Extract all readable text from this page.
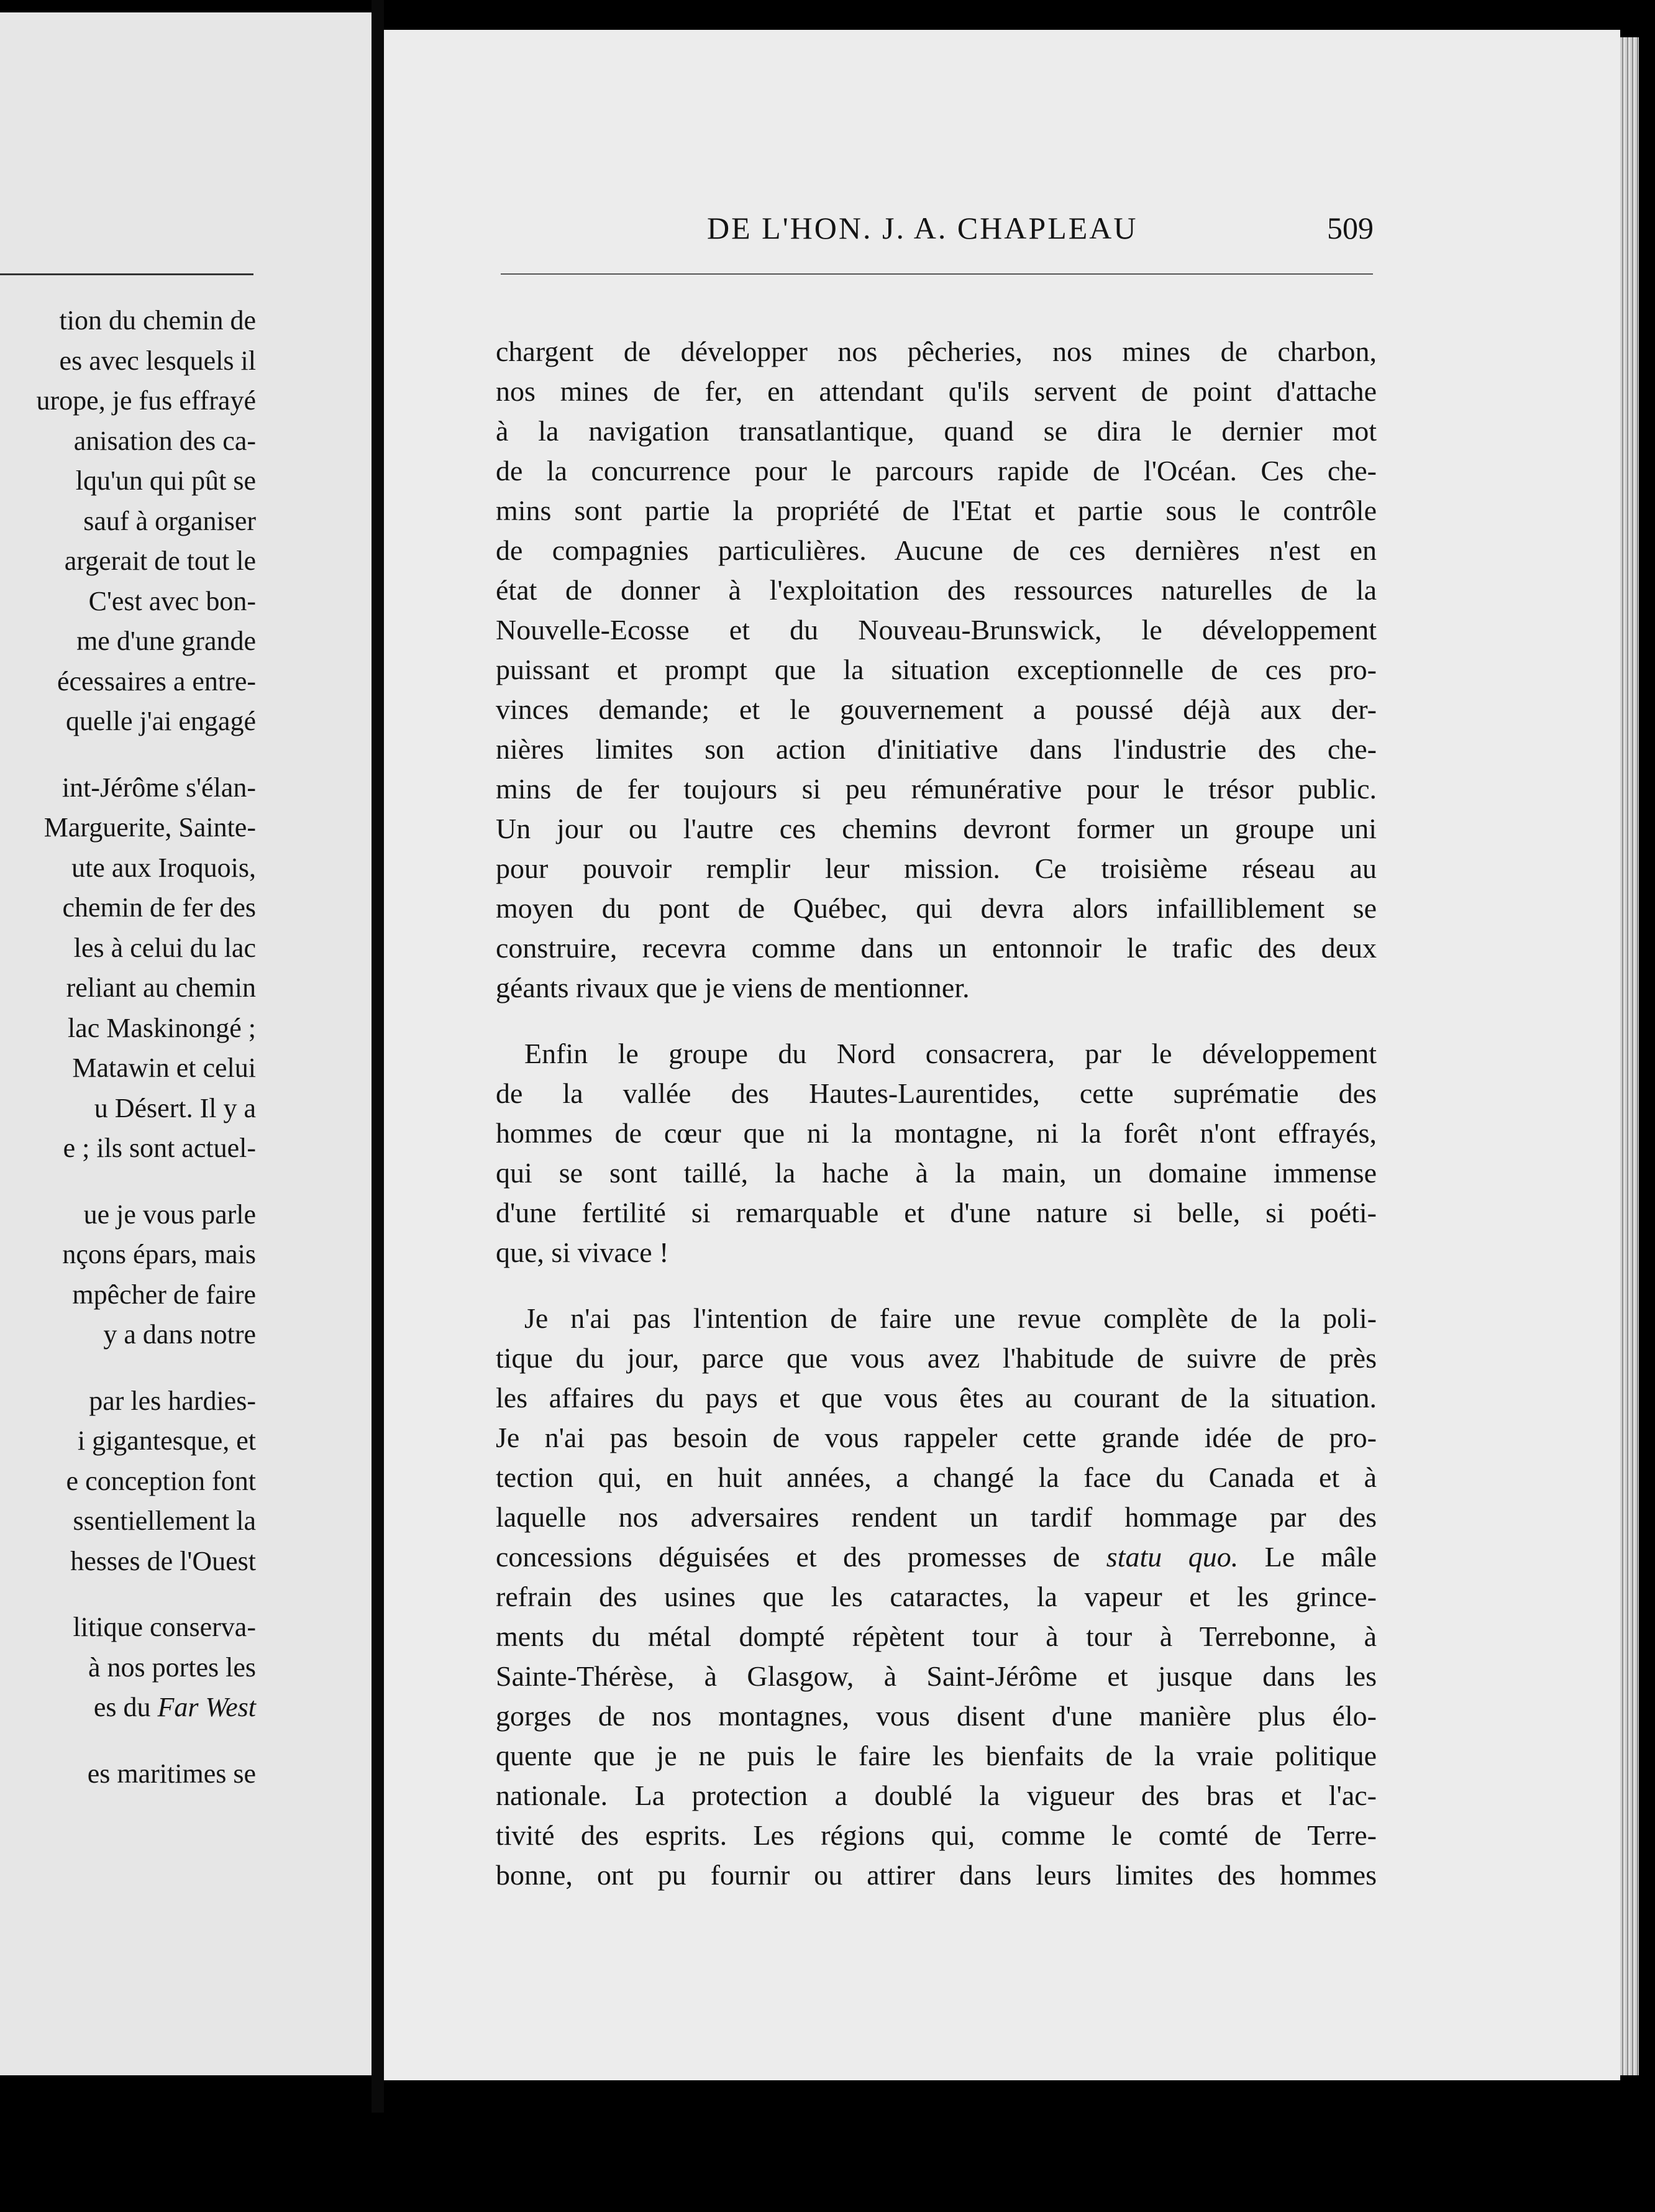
tion du chemin de
es avec lesquels il
urope, je fus effrayé
anisation des ca-
lqu'un qui pût se
sauf à organiser
argerait de tout le
C'est avec bon-
me d'une grande
écessaires a entre-
quelle j'ai engagé
int-Jérôme s'élan-
Marguerite, Sainte-
ute aux Iroquois,
chemin de fer des
les à celui du lac
reliant au chemin
lac Maskinongé ;
Matawin et celui
u Désert. Il y a
e ; ils sont actuel-
ue je vous parle
nçons épars, mais
mpêcher de faire
y a dans notre
par les hardies-
i gigantesque, et
e conception font
ssentiellement la
hesses de l'Ouest
litique conserva-
à nos portes les
es du Far West
es maritimes se
DE L'HON. J. A. CHAPLEAU	509
chargent de développer nos pêcheries, nos mines de charbon,
nos mines de fer, en attendant qu'ils servent de point d'attache
à la navigation transatlantique, quand se dira le dernier mot
de la concurrence pour le parcours rapide de l'Océan. Ces che-
mins sont partie la propriété de l'Etat et partie sous le contrôle
de compagnies particulières. Aucune de ces dernières n'est en
état de donner à l'exploitation des ressources naturelles de la
Nouvelle-Ecosse et du Nouveau-Brunswick, le développement
puissant et prompt que la situation exceptionnelle de ces pro-
vinces demande; et le gouvernement a poussé déjà aux der-
nières limites son action d'initiative dans l'industrie des che-
mins de fer toujours si peu rémunérative pour le trésor public.
Un jour ou l'autre ces chemins devront former un groupe uni
pour pouvoir remplir leur mission. Ce troisième réseau au
moyen du pont de Québec, qui devra alors infailliblement se
construire, recevra comme dans un entonnoir le trafic des deux
géants rivaux que je viens de mentionner.
Enfin le groupe du Nord consacrera, par le développement
de la vallée des Hautes-Laurentides, cette suprématie des
hommes de cœur que ni la montagne, ni la forêt n'ont effrayés,
qui se sont taillé, la hache à la main, un domaine immense
d'une fertilité si remarquable et d'une nature si belle, si poéti-
que, si vivace !
Je n'ai pas l'intention de faire une revue complète de la poli-
tique du jour, parce que vous avez l'habitude de suivre de près
les affaires du pays et que vous êtes au courant de la situation.
Je n'ai pas besoin de vous rappeler cette grande idée de pro-
tection qui, en huit années, a changé la face du Canada et à
laquelle nos adversaires rendent un tardif hommage par des
concessions déguisées et des promesses de statu quo. Le mâle
refrain des usines que les cataractes, la vapeur et les grince-
ments du métal dompté répètent tour à tour à Terrebonne, à
Sainte-Thérèse, à Glasgow, à Saint-Jérôme et jusque dans les
gorges de nos montagnes, vous disent d'une manière plus élo-
quente que je ne puis le faire les bienfaits de la vraie politique
nationale. La protection a doublé la vigueur des bras et l'ac-
tivité des esprits. Les régions qui, comme le comté de Terre-
bonne, ont pu fournir ou attirer dans leurs limites des hommes
